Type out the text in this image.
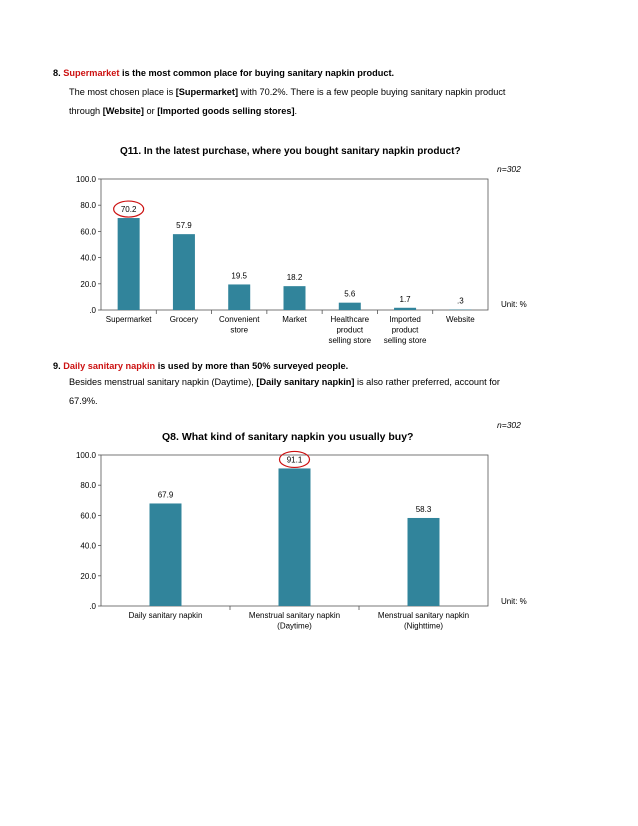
8. Supermarket is the most common place for buying sanitary napkin product.
The most chosen place is [Supermarket] with 70.2%. There is a few people buying sanitary napkin product
through [Website] or [Imported goods selling stores].
Q11. In the latest purchase, where you bought sanitary napkin product?
n=302
Unit: %
.0
20.0
40.0
60.0
80.0
100.0
70.2
Supermarket
57.9
Grocery
19.5
Convenient
store
18.2
Market
5.6
Healthcare
product
selling store
1.7
Imported
product
selling store
.3
Website
9. Daily sanitary napkin is used by more than 50% surveyed people.
Besides menstrual sanitary napkin (Daytime), [Daily sanitary napkin] is also rather preferred, account for
67.9%.
n=302
Q8. What kind of sanitary napkin you usually buy?
Unit: %
.0
20.0
40.0
60.0
80.0
100.0
67.9
Daily sanitary napkin
91.1
Menstrual sanitary napkin
(Daytime)
58.3
Menstrual sanitary napkin
(Nighttime)
